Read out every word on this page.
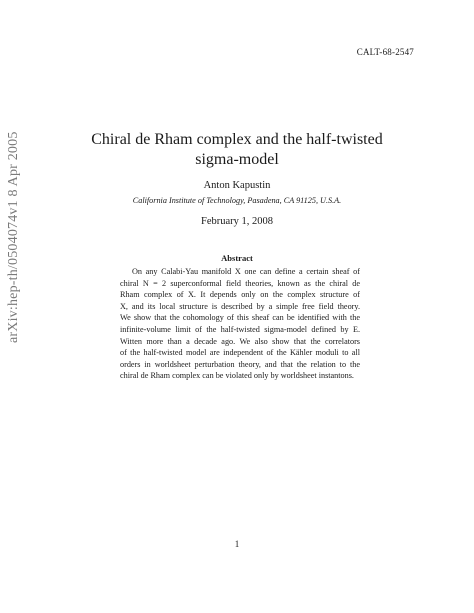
CALT-68-2547
arXiv:hep-th/0504074v1 8 Apr 2005	Chiral de Rham complex and the half-twisted
sigma-model
Anton Kapustin
California Institute of Technology, Pasadena, CA 91125, U.S.A.
February 1, 2008
Abstract
On any Calabi-Yau manifold X one can define a certain sheaf of
chiral N = 2 superconformal field theories, known as the chiral de
Rham complex of X. It depends only on the complex structure of
X, and its local structure is described by a simple free field theory.
We show that the cohomology of this sheaf can be identified with the
infinite-volume limit of the half-twisted sigma-model defined by E.
Witten more than a decade ago. We also show that the correlators
of the half-twisted model are independent of the Kähler moduli to all
orders in worldsheet perturbation theory, and that the relation to the
chiral de Rham complex can be violated only by worldsheet instantons.
1
